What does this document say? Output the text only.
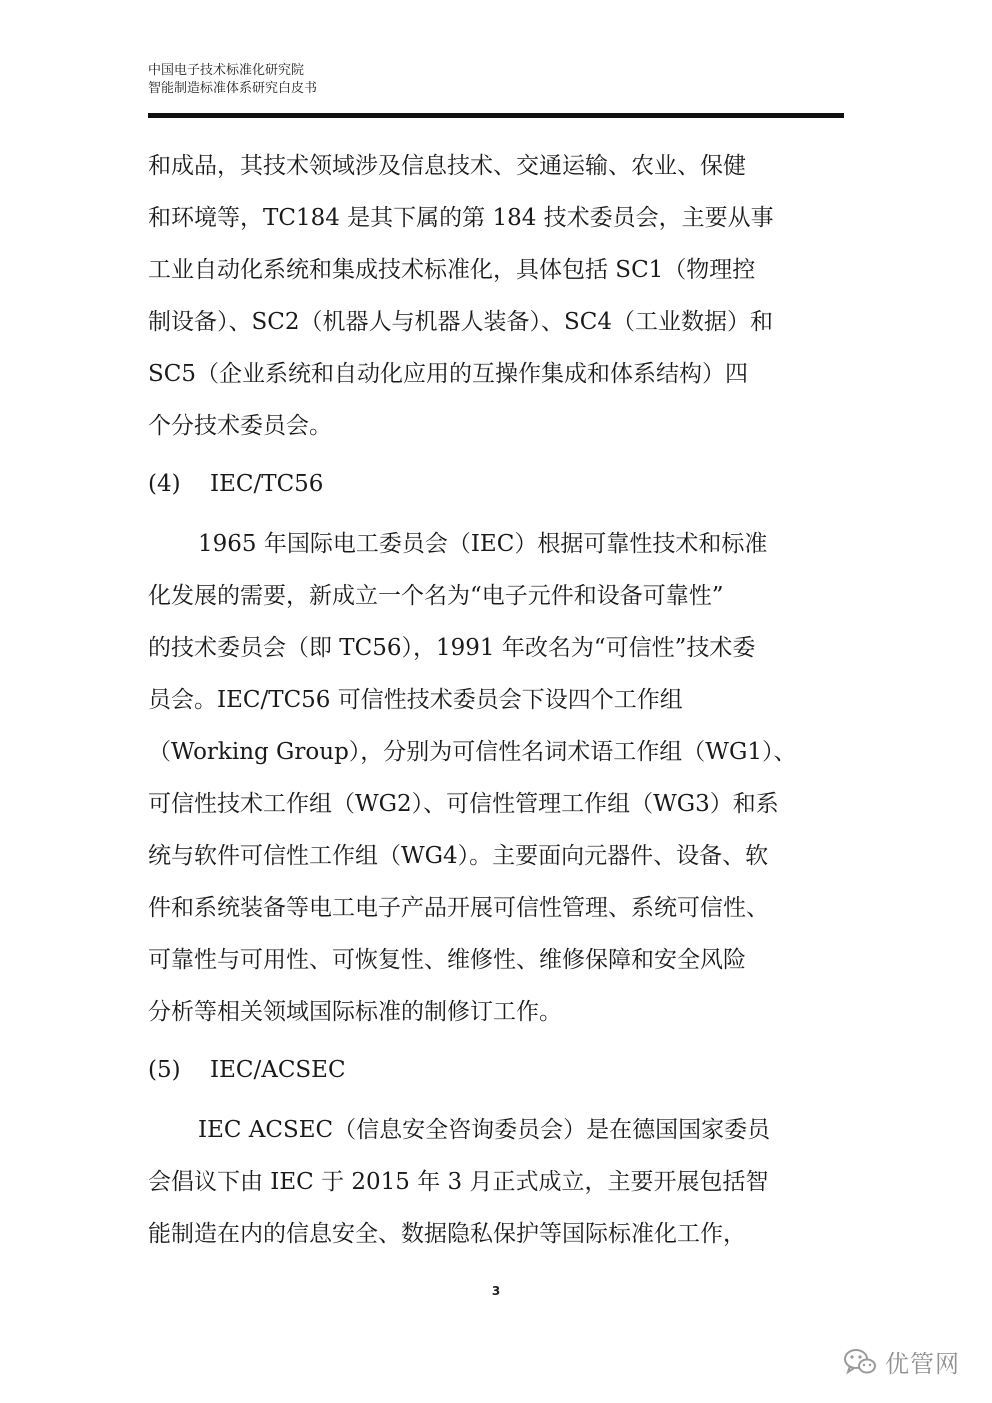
中国电子技术标准化研究院
智能制造标准体系研究白皮书

和成品，其技术领域涉及信息技术、交通运输、农业、保健
和环境等，TC184 是其下属的第 184 技术委员会，主要从事
工业自动化系统和集成技术标准化，具体包括 SC1（物理控
制设备）、SC2（机器人与机器人装备）、SC4（工业数据）和
SC5（企业系统和自动化应用的互操作集成和体系结构）四
个分技术委员会。

(4) IEC/TC56

1965 年国际电工委员会（IEC）根据可靠性技术和标准
化发展的需要，新成立一个名为“电子元件和设备可靠性”
的技术委员会（即 TC56），1991 年改名为“可信性”技术委
员会。IEC/TC56 可信性技术委员会下设四个工作组
（Working Group），分别为可信性名词术语工作组（WG1）、
可信性技术工作组（WG2）、可信性管理工作组（WG3）和系
统与软件可信性工作组（WG4）。主要面向元器件、设备、软
件和系统装备等电工电子产品开展可信性管理、系统可信性、
可靠性与可用性、可恢复性、维修性、维修保障和安全风险
分析等相关领域国际标准的制修订工作。

(5) IEC/ACSEC

IEC ACSEC（信息安全咨询委员会）是在德国国家委员
会倡议下由 IEC 于 2015 年 3 月正式成立，主要开展包括智
能制造在内的信息安全、数据隐私保护等国际标准化工作，

3
优管网
